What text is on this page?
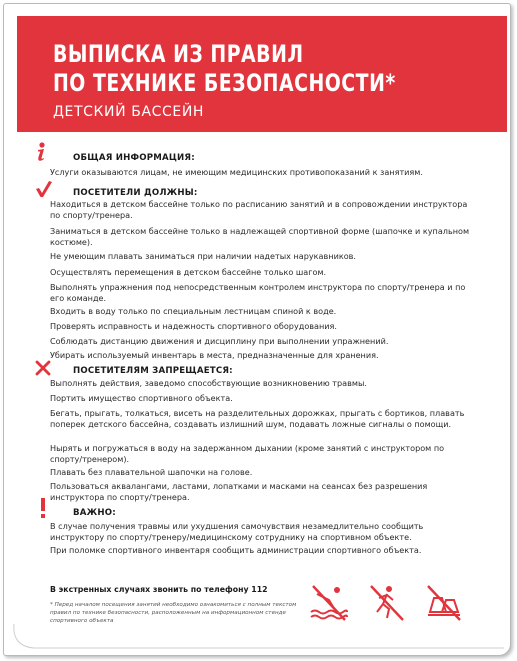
ВЫПИСКА ИЗ ПРАВИЛ
ПО ТЕХНИКЕ БЕЗОПАСНОСТИ*
ДЕТСКИЙ БАССЕЙН
ОБЩАЯ ИНФОРМАЦИЯ:
Услуги оказываются лицам, не имеющим медицинских противопоказаний к занятиям.
ПОСЕТИТЕЛИ ДОЛЖНЫ:
Находиться в детском бассейне только по расписанию занятий и в сопровождении инструктора по спорту/тренера.
Заниматься в детском бассейне только в надлежащей спортивной форме (шапочке и купальном костюме).
Не умеющим плавать заниматься при наличии надетых нарукавников.
Осуществлять перемещения в детском бассейне только шагом.
Выполнять упражнения под непосредственным контролем инструктора по спорту/тренера и по его команде.
Входить в воду только по специальным лестницам спиной к воде.
Проверять исправность и надежность спортивного оборудования.
Соблюдать дистанцию движения и дисциплину при выполнении упражнений.
Убирать используемый инвентарь в места, предназначенные для хранения.
ПОСЕТИТЕЛЯМ ЗАПРЕЩАЕТСЯ:
Выполнять действия, заведомо способствующие возникновению травмы.
Портить имущество спортивного объекта.
Бегать, прыгать, толкаться, висеть на разделительных дорожках, прыгать с бортиков, плавать поперек детского бассейна, создавать излишний шум, подавать ложные сигналы о помощи.
Нырять и погружаться в воду на задержанном дыхании (кроме занятий с инструктором по спорту/тренером).
Плавать без плавательной шапочки на голове.
Пользоваться аквалангами, ластами, лопатками и масками на сеансах без разрешения инструктора по спорту/тренера.
ВАЖНО:
В случае получения травмы или ухудшения самочувствия незамедлительно сообщить инструктору по спорту/тренеру/медицинскому сотруднику на спортивном объекте.
При поломке спортивного инвентаря сообщить администрации спортивного объекта.
В экстренных случаях звонить по телефону 112
* Перед началом посещения занятий необходимо ознакомиться с полным текстом правил по технике безопасности, расположенным на информационном стенде спортивного объекта
